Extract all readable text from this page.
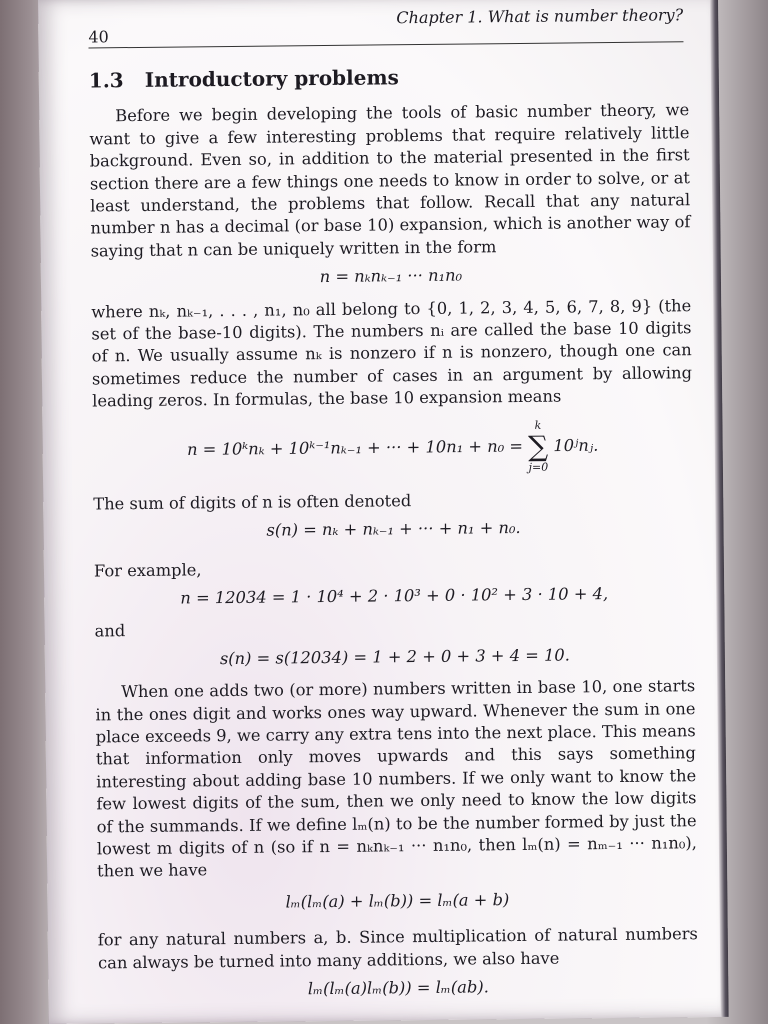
40
Chapter 1. What is number theory?
1.3 Introductory problems

Before we begin developing the tools of basic number theory, we want to give a few interesting problems that require relatively little background. Even so, in addition to the material presented in the first section there are a few things one needs to know in order to solve, or at least understand, the problems that follow. Recall that any natural number n has a decimal (or base 10) expansion, which is another way of saying that n can be uniquely written in the form

n = nₖnₖ₋₁ ··· n₁n₀

where nₖ, nₖ₋₁, . . . , n₁, n₀ all belong to {0, 1, 2, 3, 4, 5, 6, 7, 8, 9} (the set of the base-10 digits). The numbers nᵢ are called the base 10 digits of n. We usually assume nₖ is nonzero if n is nonzero, though one can sometimes reduce the number of cases in an argument by allowing leading zeros. In formulas, the base 10 expansion means

n = 10ᵏnₖ + 10ᵏ⁻¹nₖ₋₁ + ··· + 10n₁ + n₀ =
k
∑
j=0
10ʲnⱼ.

The sum of digits of n is often denoted

s(n) = nₖ + nₖ₋₁ + ··· + n₁ + n₀.

For example,

n = 12034 = 1 · 10⁴ + 2 · 10³ + 0 · 10² + 3 · 10 + 4,

and

s(n) = s(12034) = 1 + 2 + 0 + 3 + 4 = 10.

When one adds two (or more) numbers written in base 10, one starts in the ones digit and works ones way upward. Whenever the sum in one place exceeds 9, we carry any extra tens into the next place. This means that information only moves upwards and this says something interesting about adding base 10 numbers. If we only want to know the few lowest digits of the sum, then we only need to know the low digits of the summands. If we define lₘ(n) to be the number formed by just the lowest m digits of n (so if n = nₖnₖ₋₁ ··· n₁n₀, then lₘ(n) = nₘ₋₁ ··· n₁n₀), then we have

lₘ(lₘ(a) + lₘ(b)) = lₘ(a + b)

for any natural numbers a, b. Since multiplication of natural numbers can always be turned into many additions, we also have

lₘ(lₘ(a)lₘ(b)) = lₘ(ab).
